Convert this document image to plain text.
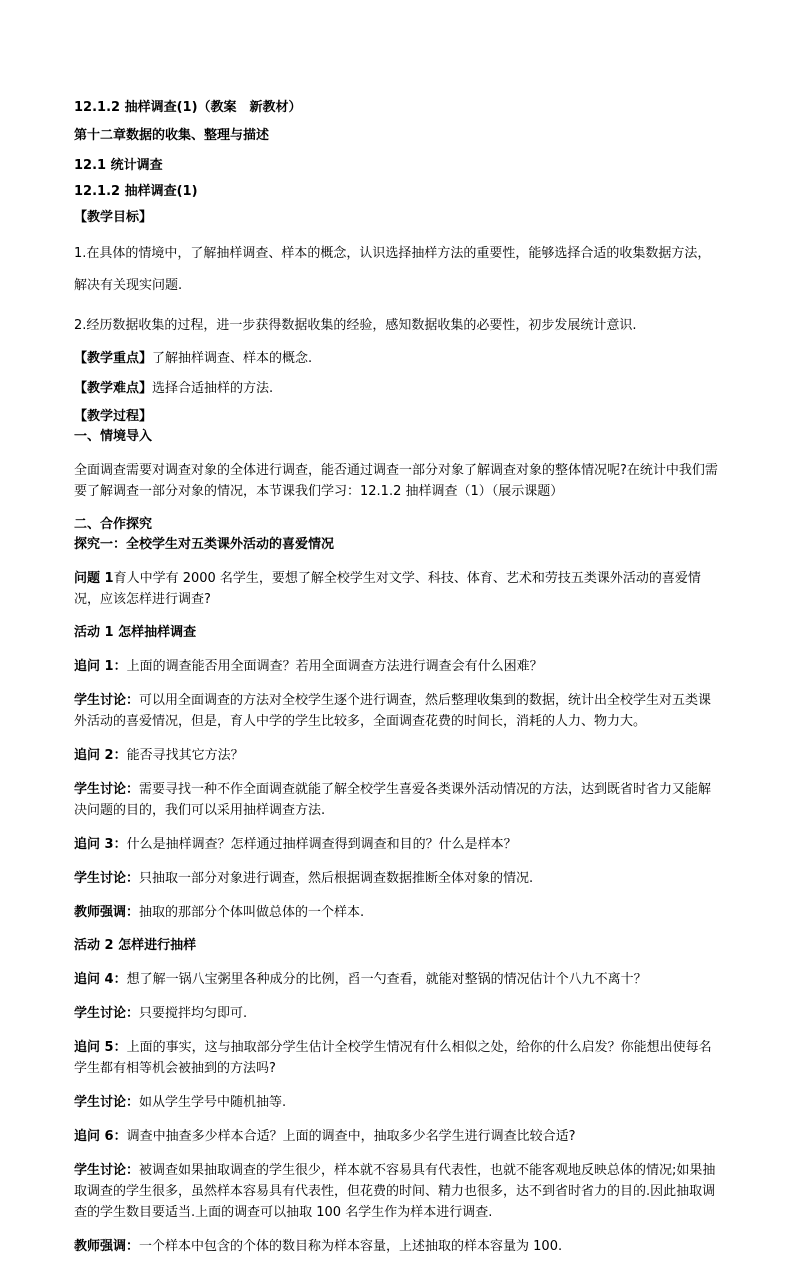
12.1.2 抽样调查(1)（教案　新教材）

第十二章数据的收集、整理与描述

12.1 统计调查

12.1.2 抽样调查(1)

【教学目标】

1.在具体的情境中，了解抽样调查、样本的概念，认识选择抽样方法的重要性，能够选择合适的收集数据方法，解决有关现实问题.

2.经历数据收集的过程，进一步获得数据收集的经验，感知数据收集的必要性，初步发展统计意识.

【教学重点】了解抽样调查、样本的概念.

【教学难点】选择合适抽样的方法.

【教学过程】

一、情境导入

全面调查需要对调查对象的全体进行调查，能否通过调查一部分对象了解调查对象的整体情况呢?在统计中我们需要了解调查一部分对象的情况，本节课我们学习：12.1.2 抽样调查（1）（展示课题）

二、合作探究

探究一：全校学生对五类课外活动的喜爱情况

问题 1育人中学有 2000 名学生，要想了解全校学生对文学、科技、体育、艺术和劳技五类课外活动的喜爱情况，应该怎样进行调查?

活动 1 怎样抽样调查

追问 1：上面的调查能否用全面调查？若用全面调查方法进行调查会有什么困难？

学生讨论：可以用全面调查的方法对全校学生逐个进行调查，然后整理收集到的数据，统计出全校学生对五类课外活动的喜爱情况，但是，育人中学的学生比较多，全面调查花费的时间长，消耗的人力、物力大。

追问 2：能否寻找其它方法？

学生讨论：需要寻找一种不作全面调查就能了解全校学生喜爱各类课外活动情况的方法，达到既省时省力又能解决问题的目的，我们可以采用抽样调查方法.

追问 3：什么是抽样调查？怎样通过抽样调查得到调查和目的？什么是样本？

学生讨论：只抽取一部分对象进行调查，然后根据调查数据推断全体对象的情况.

教师强调：抽取的那部分个体叫做总体的一个样本.

活动 2 怎样进行抽样

追问 4：想了解一锅八宝粥里各种成分的比例，舀一勺查看，就能对整锅的情况估计个八九不离十？

学生讨论：只要搅拌均匀即可.

追问 5：上面的事实，这与抽取部分学生估计全校学生情况有什么相似之处，给你的什么启发？你能想出使每名学生都有相等机会被抽到的方法吗?

学生讨论：如从学生学号中随机抽等.

追问 6：调查中抽查多少样本合适？上面的调查中，抽取多少名学生进行调查比较合适?

学生讨论：被调查如果抽取调查的学生很少，样本就不容易具有代表性，也就不能客观地反映总体的情况;如果抽取调查的学生很多，虽然样本容易具有代表性，但花费的时间、精力也很多，达不到省时省力的目的.因此抽取调查的学生数目要适当.上面的调查可以抽取 100 名学生作为样本进行调查.

教师强调：一个样本中包含的个体的数目称为样本容量，上述抽取的样本容量为 100.
